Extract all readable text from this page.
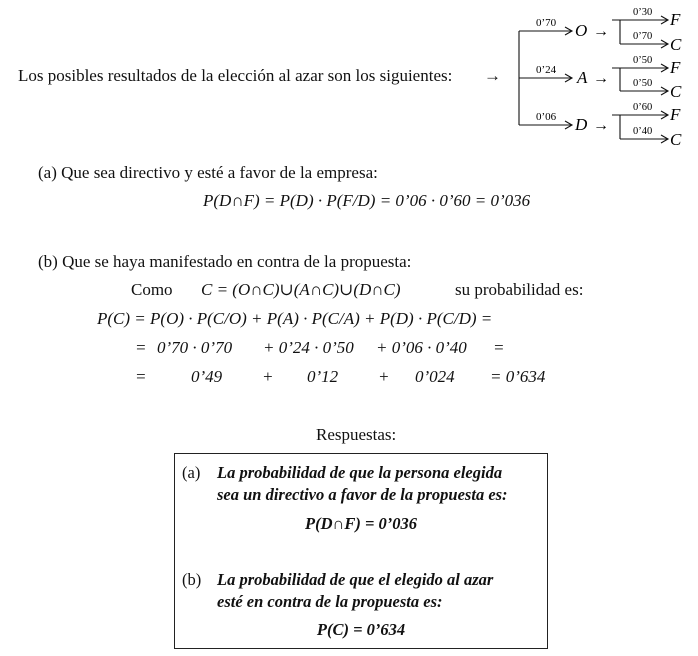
Los posibles resultados de la elección al azar son los siguientes: →
0’70
0’24
0’06
O
A
D
→
→
→
0’30
0’70
0’50
0’50
0’60
0’40
F
C
F
C
F
C
(a) Que sea directivo y esté a favor de la empresa:
P(D∩F) = P(D) · P(F/D) = 0’06 · 0’60 = 0’036
(b) Que se haya manifestado en contra de la propuesta:
Como C = (O∩C)∪(A∩C)∪(D∩C)	su probabilidad es:
P(C) = P(O) · P(C/O) + P(A) · P(C/A) + P(D) · P(C/D) =
= 0’70 · 0’70 + 0’24 · 0’50 + 0’06 · 0’40 =
=	0’49 + 0’12 + 0’024 = 0’634
Respuestas:
(a) La probabilidad de que la persona elegida
sea un directivo a favor de la propuesta es:
P(D∩F) = 0’036
(b) La probabilidad de que el elegido al azar
esté en contra de la propuesta es:
P(C) = 0’634
